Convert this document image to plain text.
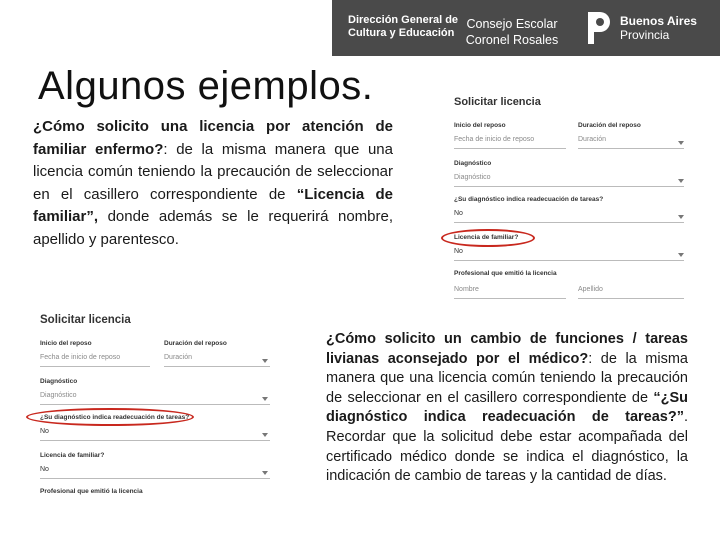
Dirección General de
Cultura y Educación
Consejo Escolar
Coronel Rosales
Buenos Aires
Provincia
Algunos ejemplos.
¿Cómo solicito una licencia por atención de familiar enfermo?: de la misma manera que una licencia común teniendo la precaución de seleccionar en el casillero correspondiente de “Licencia de familiar”, donde además se le requerirá nombre, apellido y parentesco.
Solicitar licencia
Inicio del reposo
Fecha de inicio de reposo
Duración del reposo
Duración
Diagnóstico
Diagnóstico
¿Su diagnóstico indica readecuación de tareas?
No
Licencia de familiar?
No
Profesional que emitió la licencia
Nombre	Apellido
Solicitar licencia
Inicio del reposo
Fecha de inicio de reposo
Duración del reposo
Duración
Diagnóstico
Diagnóstico
¿Su diagnóstico indica readecuación de tareas?
No
Licencia de familiar?
No
Profesional que emitió la licencia
¿Cómo solicito un cambio de funciones / tareas livianas aconsejado por el médico?: de la misma manera que una licencia común teniendo la precaución de seleccionar en el casillero correspondiente de “¿Su diagnóstico indica readecuación de tareas?”. Recordar que la solicitud debe estar acompañada del certificado médico donde se indica el diagnóstico, la indicación de cambio de tareas y la cantidad de días.
